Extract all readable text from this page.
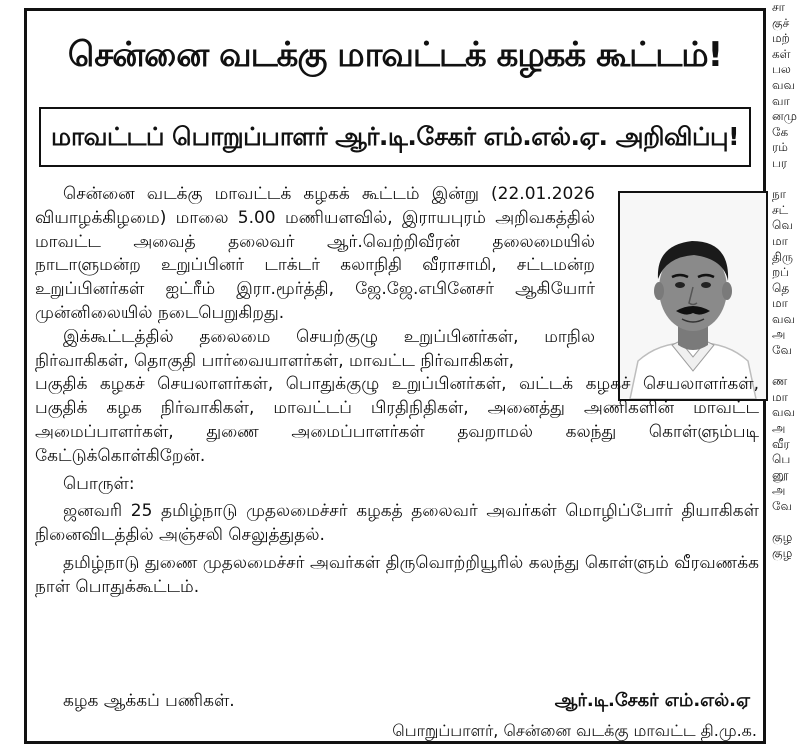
சென்னை வடக்கு மாவட்டக் கழகக் கூட்டம்!
மாவட்டப் பொறுப்பாளர் ஆர்.டி.சேகர் எம்.எல்.ஏ. அறிவிப்பு!

சென்னை வடக்கு மாவட்டக் கழகக் கூட்டம் இன்று (22.01.2026 வியாழக்கிழமை) மாலை 5.00 மணியளவில், இராயபுரம் அறிவகத்தில் மாவட்ட அவைத் தலைவர் ஆர்.வெற்றிவீரன் தலைமையில் நாடாளுமன்ற உறுப்பினர் டாக்டர் கலாநிதி வீராசாமி, சட்டமன்ற உறுப்பினர்கள் ஐட்ரீம் இரா.மூர்த்தி, ஜே.ஜே.எபினேசர் ஆகியோர் முன்னிலையில் நடைபெறுகிறது.

இக்கூட்டத்தில் தலைமை செயற்குழு உறுப்பினர்கள், மாநில நிர்வாகிகள், தொகுதி பார்வையாளர்கள், மாவட்ட நிர்வாகிகள்,

பகுதிக் கழகச் செயலாளர்கள், பொதுக்குழு உறுப்பினர்கள், வட்டக் கழகச் செயலாளர்கள், பகுதிக் கழக நிர்வாகிகள், மாவட்டப் பிரதிநிதிகள், அனைத்து அணிகளின் மாவட்ட அமைப்பாளர்கள், துணை அமைப்பாளர்கள் தவறாமல் கலந்து கொள்ளும்படி கேட்டுக்கொள்கிறேன்.

பொருள்:

ஜனவரி 25 தமிழ்நாடு முதலமைச்சர் கழகத் தலைவர் அவர்கள் மொழிப்போர் தியாகிகள் நினைவிடத்தில் அஞ்சலி செலுத்துதல்.

தமிழ்நாடு துணை முதலமைச்சர் அவர்கள் திருவொற்றியூரில் கலந்து கொள்ளும் வீரவணக்க நாள் பொதுக்கூட்டம்.

கழக ஆக்கப் பணிகள்.
பொறுப்பாளர், சென்னை வடக்கு மாவட்ட தி.மு.க.
ஆர்.டி.சேகர் எம்.எல்.ஏ
சா
குச்
மற்
கள்
பல
வவ
வா
னமு
கே
ரம்
பர

நா
சட்
வெ
மா
திரு
றப்
தெ
மா
வவ
அ
வே

ண
மா
வவ
அ
வீர
பெ
னூ
அ
வே

குழ
குழ
